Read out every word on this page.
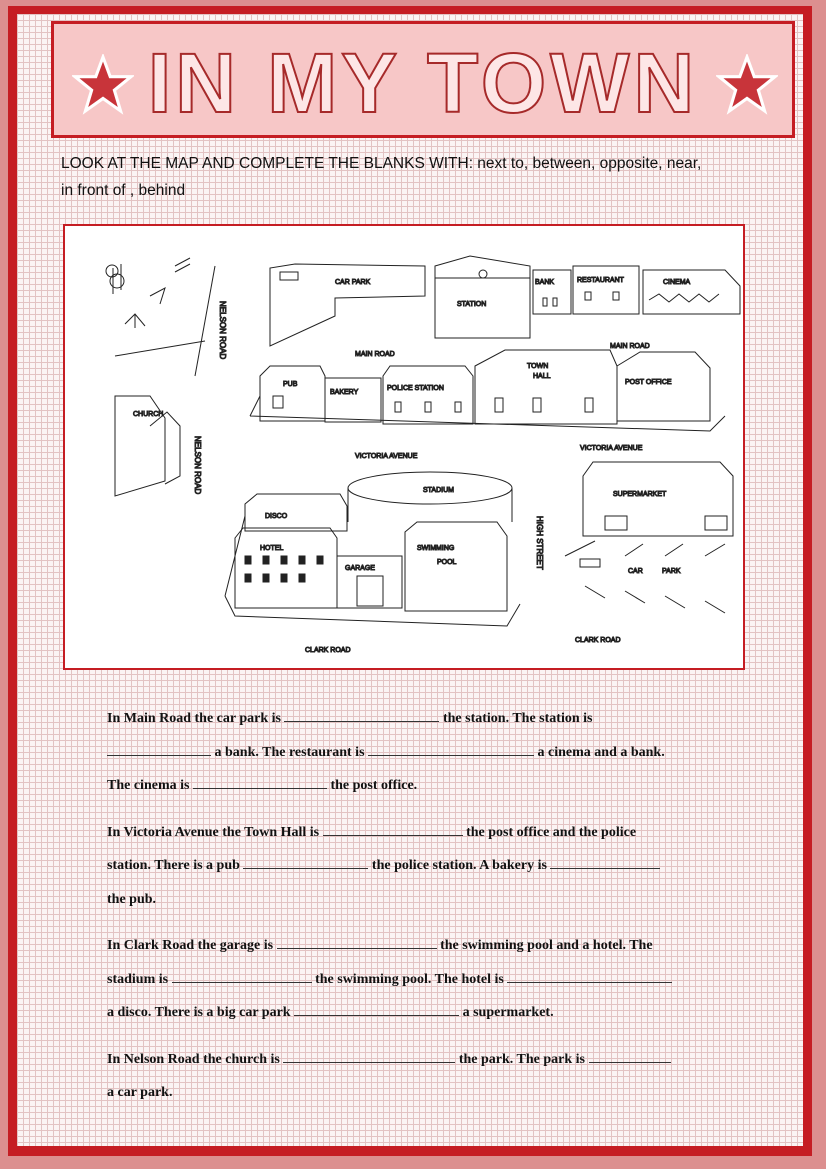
IN MY TOWN
LOOK AT THE MAP AND COMPLETE THE BLANKS WITH: next to, between, opposite, near,
in front of , behind
NELSON ROAD
NELSON ROAD
CAR PARK
STATION
BANK	RESTAURANT	CINEMA
MAIN ROAD
MAIN ROAD
PUB
BAKERY
POLICE STATION
TOWN
HALL
POST OFFICE
CHURCH
VICTORIA AVENUE
VICTORIA AVENUE
STADIUM
DISCO
HOTEL
GARAGE
SWIMMING
POOL	HIGH STREET
SUPERMARKET
CAR	PARK
CLARK ROAD
CLARK ROAD
In Main Road the car park is	the station. The station is
a bank. The restaurant is	a cinema and a bank.
The cinema is	the post office.
In Victoria Avenue the Town Hall is	the post office and the police
station. There is a pub	the police station. A bakery is
the pub.
In Clark Road the garage is	the swimming pool and a hotel. The
stadium is	the swimming pool. The hotel is
a disco. There is a big car park	a supermarket.
In Nelson Road the church is	the park. The park is
a car park.
